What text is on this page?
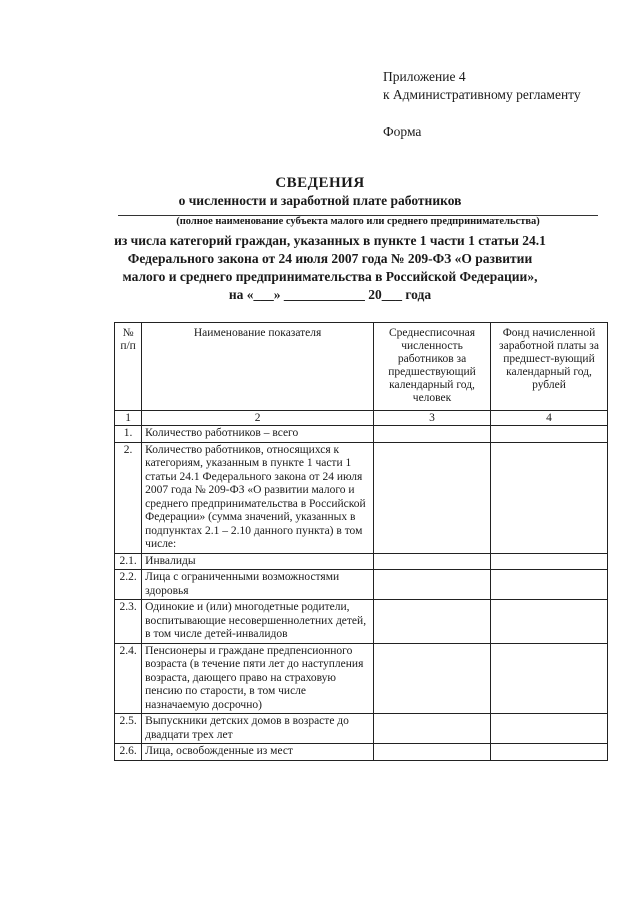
Приложение 4
к Административному регламенту
Форма
СВЕДЕНИЯ
о численности и заработной плате работников
(полное наименование субъекта малого или среднего предпринимательства)
из числа категорий граждан, указанных в пункте 1 части 1 статьи 24.1
Федерального закона от 24 июля 2007 года № 209-ФЗ «О развитии
малого и среднего предпринимательства в Российской Федерации»,
на «___» ____________ 20___ года
№ п/п	Наименование показателя	Среднесписочная численность работников за предшествующий календарный год, человек	Фонд начисленной заработной платы за предшест-вующий календарный год, рублей
1	2	3	4
1.	Количество работников – всего		
2.	Количество работников, относящихся к категориям, указанным в пункте 1 части 1 статьи 24.1 Федерального закона от 24 июля 2007 года № 209-ФЗ «О развитии малого и среднего предпринимательства в Российской Федерации» (сумма значений, указанных в подпунктах 2.1 – 2.10 данного пункта) в том числе:		
2.1.	Инвалиды		
2.2.	Лица с ограниченными возможностями здоровья		
2.3.	Одинокие и (или) многодетные родители, воспитывающие несовершеннолетних детей, в том числе детей-инвалидов		
2.4.	Пенсионеры и граждане предпенсионного возраста (в течение пяти лет до наступления возраста, дающего право на страховую пенсию по старости, в том числе назначаемую досрочно)		
2.5.	Выпускники детских домов в возрасте до двадцати трех лет		
2.6.	Лица, освобожденные из мест		
